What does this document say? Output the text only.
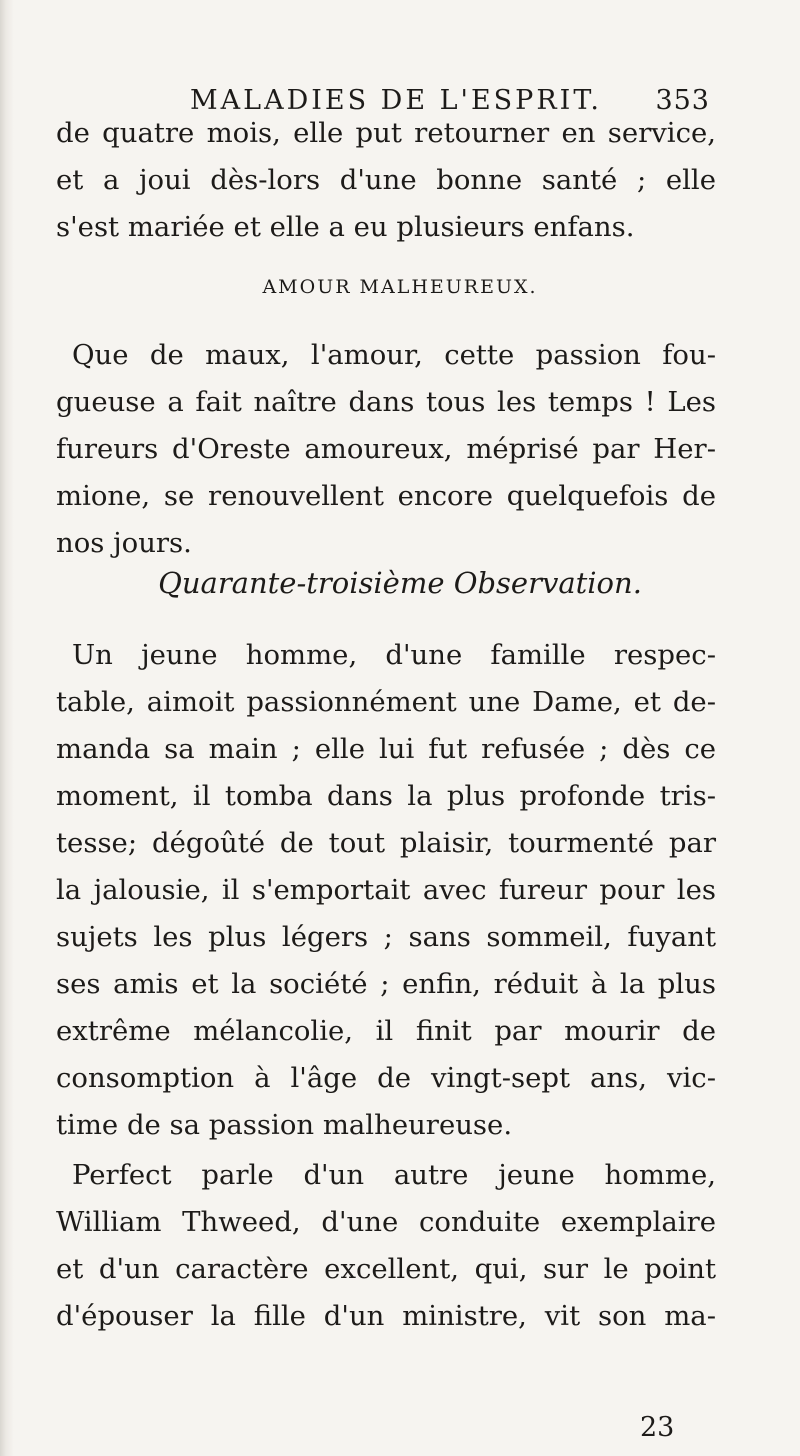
MALADIES DE L'ESPRIT. 353
de quatre mois, elle put retourner en service,
et a joui dès-lors d'une bonne santé ; elle
s'est mariée et elle a eu plusieurs enfans.
AMOUR MALHEUREUX.
Que de maux, l'amour, cette passion fou-
gueuse a fait naître dans tous les temps ! Les
fureurs d'Oreste amoureux, méprisé par Her-
mione, se renouvellent encore quelquefois de
nos jours.
Quarante-troisième Observation.
Un jeune homme, d'une famille respec-
table, aimoit passionnément une Dame, et de-
manda sa main ; elle lui fut refusée ; dès ce
moment, il tomba dans la plus profonde tris-
tesse; dégoûté de tout plaisir, tourmenté par
la jalousie, il s'emportait avec fureur pour les
sujets les plus légers ; sans sommeil, fuyant
ses amis et la société ; enfin, réduit à la plus
extrême mélancolie, il finit par mourir de
consomption à l'âge de vingt-sept ans, vic-
time de sa passion malheureuse.
Perfect parle d'un autre jeune homme,
William Thweed, d'une conduite exemplaire
et d'un caractère excellent, qui, sur le point
d'épouser la fille d'un ministre, vit son ma-
23
